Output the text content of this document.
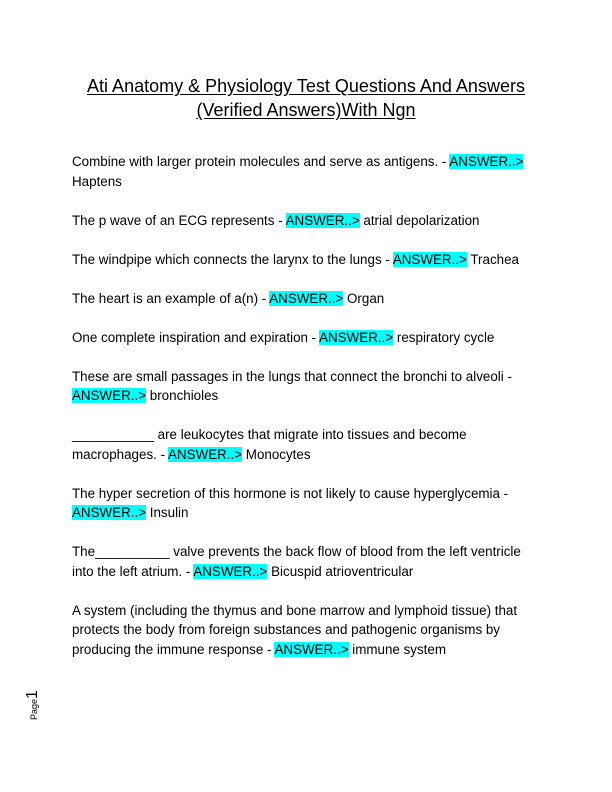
Ati Anatomy & Physiology Test Questions And Answers
(Verified Answers)With Ngn

Combine with larger protein molecules and serve as antigens. - ANSWER..> Haptens

The p wave of an ECG represents - ANSWER..> atrial depolarization

The windpipe which connects the larynx to the lungs - ANSWER..> Trachea

The heart is an example of a(n) - ANSWER..> Organ

One complete inspiration and expiration - ANSWER..> respiratory cycle

These are small passages in the lungs that connect the bronchi to alveoli - ANSWER..> bronchioles

___________ are leukocytes that migrate into tissues and become macrophages. - ANSWER..> Monocytes

The hyper secretion of this hormone is not likely to cause hyperglycemia - ANSWER..> Insulin

The__________ valve prevents the back flow of blood from the left ventricle into the left atrium. - ANSWER..> Bicuspid atrioventricular

A system (including the thymus and bone marrow and lymphoid tissue) that protects the body from foreign substances and pathogenic organisms by producing the immune response - ANSWER..> immune system

Page1
